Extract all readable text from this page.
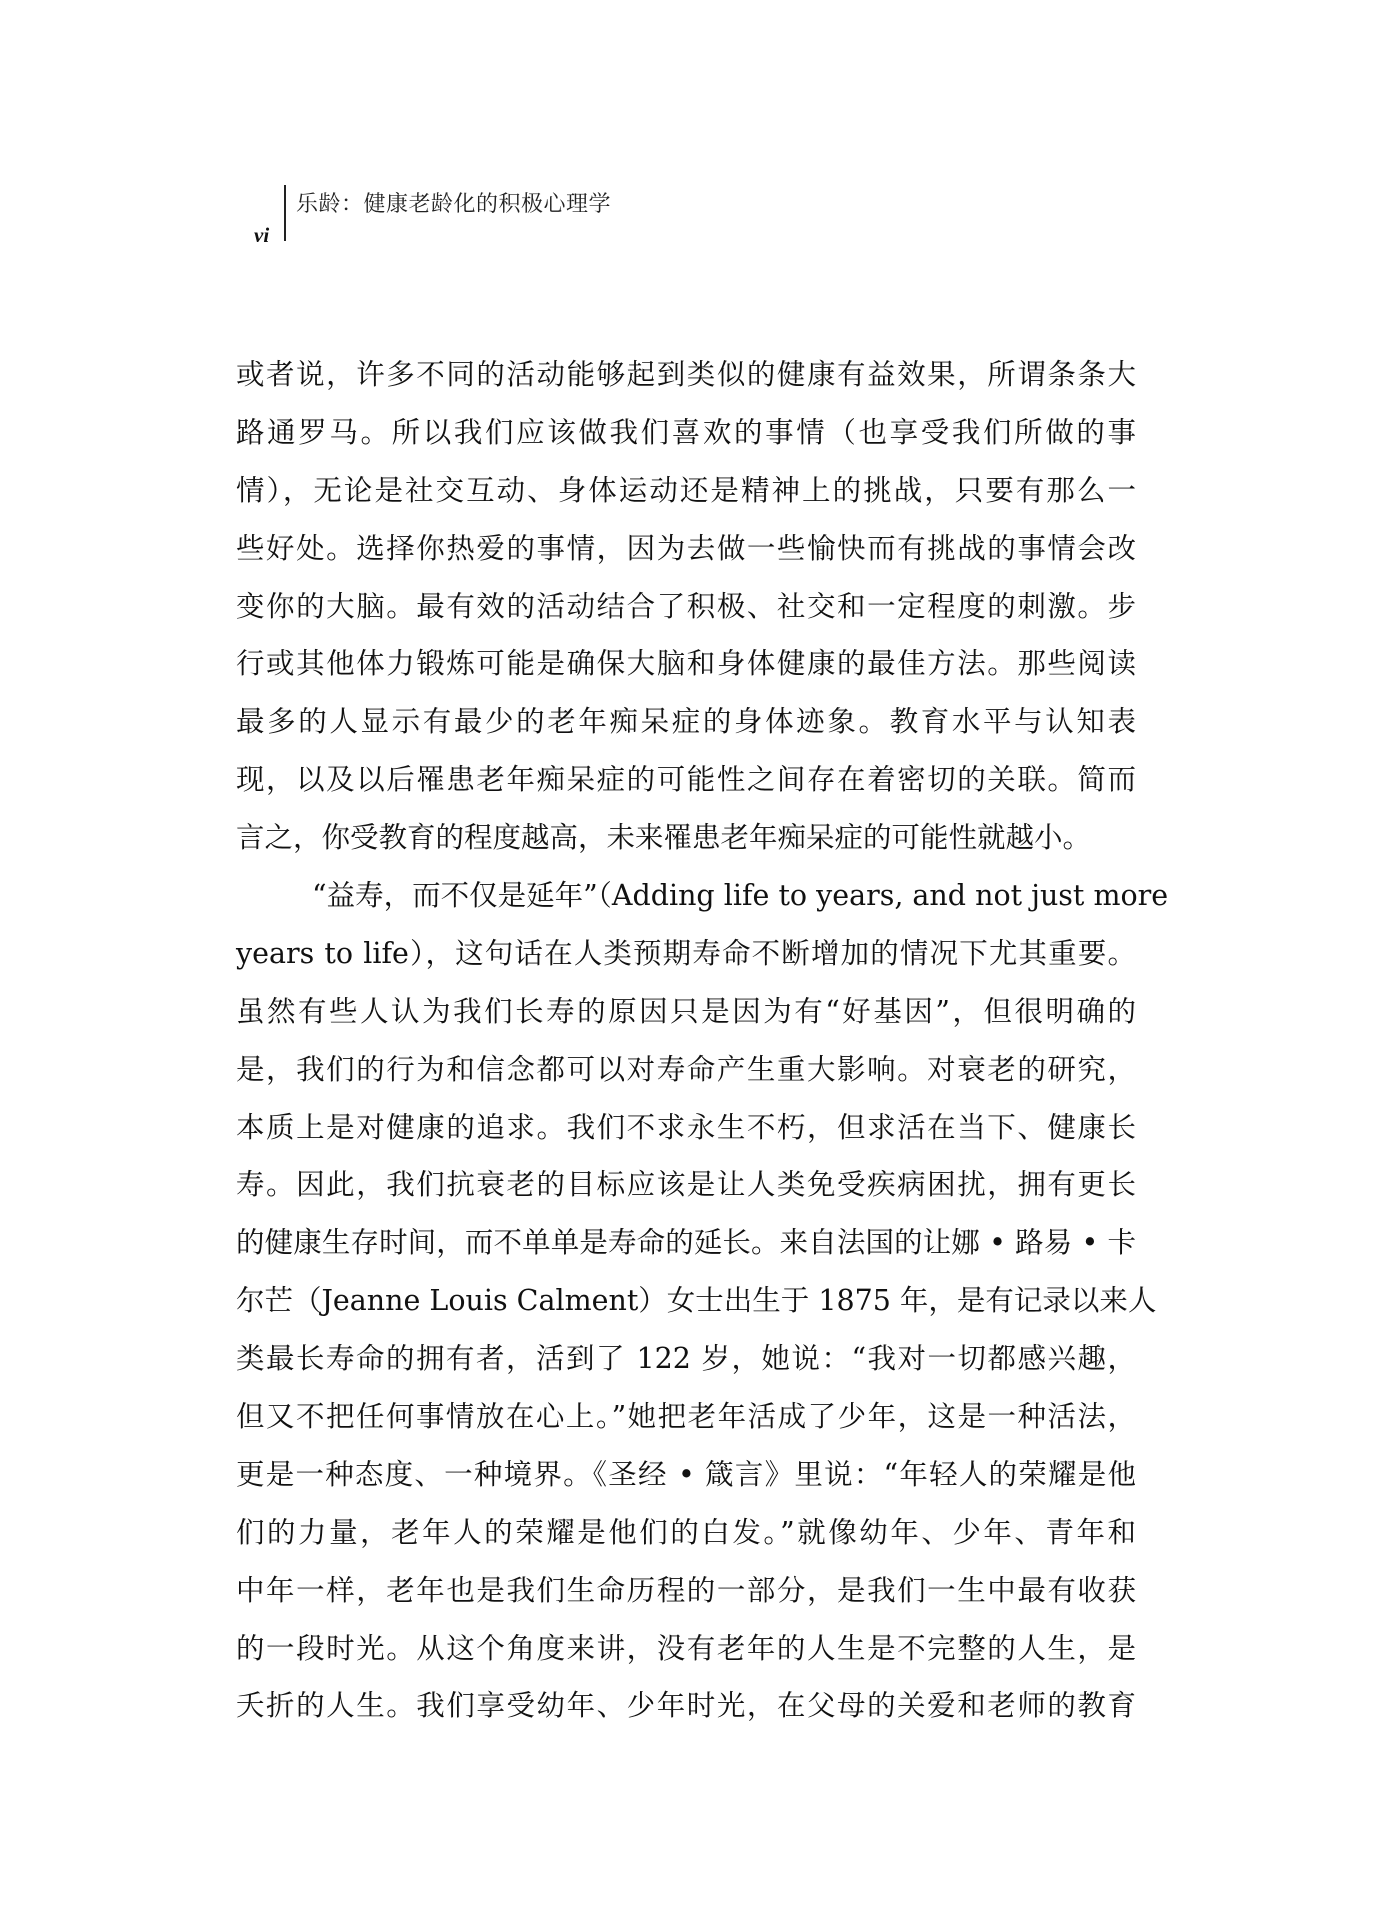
vi
乐龄：健康老龄化的积极心理学
或者说，许多不同的活动能够起到类似的健康有益效果，所谓条条大
路通罗马。所以我们应该做我们喜欢的事情（也享受我们所做的事
情），无论是社交互动、身体运动还是精神上的挑战，只要有那么一
些好处。选择你热爱的事情，因为去做一些愉快而有挑战的事情会改
变你的大脑。最有效的活动结合了积极、社交和一定程度的刺激。步
行或其他体力锻炼可能是确保大脑和身体健康的最佳方法。那些阅读
最多的人显示有最少的老年痴呆症的身体迹象。教育水平与认知表
现，以及以后罹患老年痴呆症的可能性之间存在着密切的关联。简而
言之，你受教育的程度越高，未来罹患老年痴呆症的可能性就越小。
“益寿，而不仅是延年”（Adding life to years, and not just more
years to life），这句话在人类预期寿命不断增加的情况下尤其重要。
虽然有些人认为我们长寿的原因只是因为有“好基因”，但很明确的
是，我们的行为和信念都可以对寿命产生重大影响。对衰老的研究，
本质上是对健康的追求。我们不求永生不朽，但求活在当下、健康长
寿。因此，我们抗衰老的目标应该是让人类免受疾病困扰，拥有更长
的健康生存时间，而不单单是寿命的延长。来自法国的让娜 • 路易 • 卡
尔芒（Jeanne Louis Calment）女士出生于 1875 年，是有记录以来人
类最长寿命的拥有者，活到了 122 岁，她说：“我对一切都感兴趣，
但又不把任何事情放在心上。”她把老年活成了少年，这是一种活法，
更是一种态度、一种境界。《圣经 • 箴言》里说：“年轻人的荣耀是他
们的力量，老年人的荣耀是他们的白发。”就像幼年、少年、青年和
中年一样，老年也是我们生命历程的一部分，是我们一生中最有收获
的一段时光。从这个角度来讲，没有老年的人生是不完整的人生，是
夭折的人生。我们享受幼年、少年时光，在父母的关爱和老师的教育
